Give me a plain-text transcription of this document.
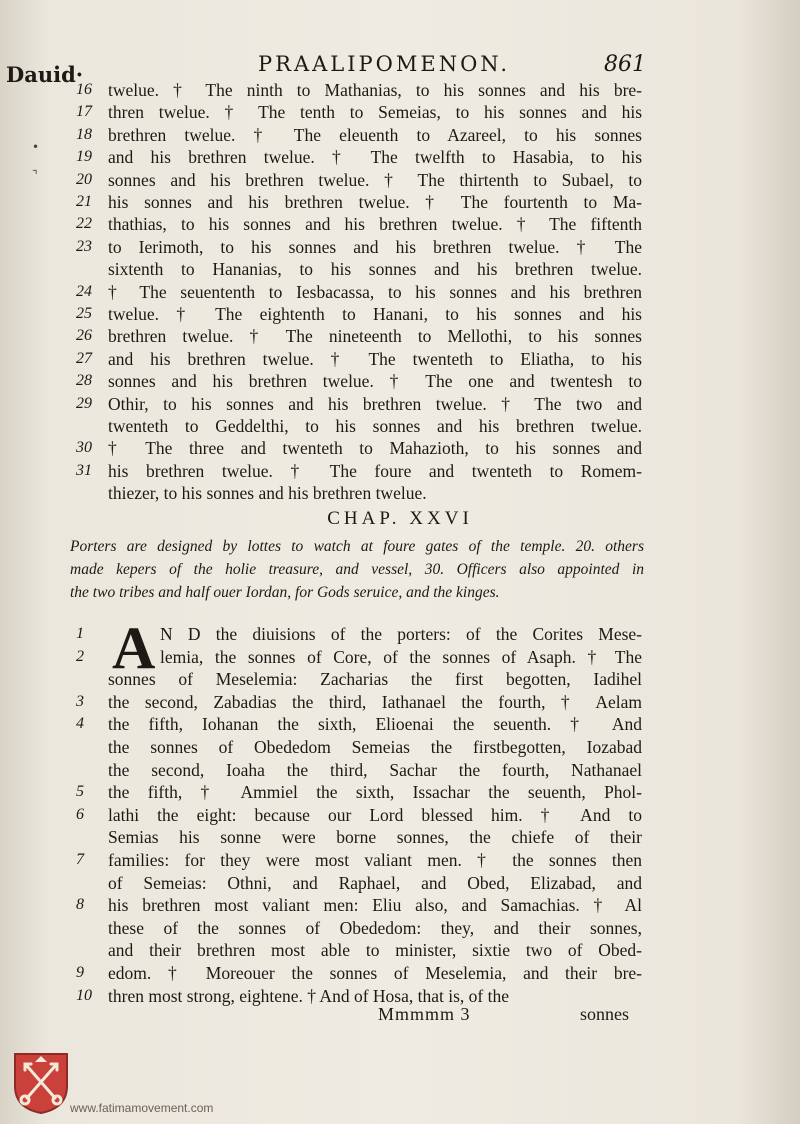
Dauid·	PRAALIPOMENON.	861
16 twelue. † The ninth to Mathanias, to his sonnes and his bre-
17 thren twelue. † The tenth to Semeias, to his sonnes and his
18 brethren twelue. † The eleuenth to Azareel, to his sonnes
19 and his brethren twelue. † The twelfth to Hasabia, to his
20 sonnes and his brethren twelue. † The thirtenth to Subael, to
21 his sonnes and his brethren twelue. † The fourtenth to Ma-
22 thathias, to his sonnes and his brethren twelue. † The fiftenth
23 to Ierimoth, to his sonnes and his brethren twelue. † The
sixtenth to Hananias, to his sonnes and his brethren twelue.
24 † The seuententh to Iesbacassa, to his sonnes and his brethren
25 twelue. † The eightenth to Hanani, to his sonnes and his
26 brethren twelue. † The nineteenth to Mellothi, to his sonnes
27 and his brethren twelue. † The twenteth to Eliatha, to his
28 sonnes and his brethren twelue. † The one and twentesh to
29 Othir, to his sonnes and his brethren twelue. † The two and
twenteth to Geddelthi, to his sonnes and his brethren twelue.
30 † The three and twenteth to Mahazioth, to his sonnes and
31 his brethren twelue. † The foure and twenteth to Romem-
thiezer, to his sonnes and his brethren twelue.
CHAP. XXVI
Porters are designed by lottes to watch at foure gates of the temple. 20. others
made kepers of the holie treasure, and vessel, 30. Officers also appointed in
the two tribes and half ouer Iordan, for Gods seruice, and the kinges.
A
1	N D the diuisions of the porters: of the Corites Mese-
2	lemia, the sonnes of Core, of the sonnes of Asaph. † The
sonnes of Meselemia: Zacharias the first begotten, Iadihel
3	the second, Zabadias the third, Iathanael the fourth, † Aelam
4	the fifth, Iohanan the sixth, Elioenai the seuenth. † And
the sonnes of Obededom Semeias the firstbegotten, Iozabad
the second, Ioaha the third, Sachar the fourth, Nathanael
5	the fifth, † Ammiel the sixth, Issachar the seuenth, Phol-
6	lathi the eight: because our Lord blessed him. † And to
Semias his sonne were borne sonnes, the chiefe of their
7	families: for they were most valiant men. † the sonnes then
of Semeias: Othni, and Raphael, and Obed, Elizabad, and
8	his brethren most valiant men: Eliu also, and Samachias. † Al
these of the sonnes of Obededom: they, and their sonnes,
and their brethren most able to minister, sixtie two of Obed-
9	edom. † Moreouer the sonnes of Meselemia, and their bre-
10 thren most strong, eightene. † And of Hosa, that is, of the
Mmmmm 3	sonnes
•
⌝
www.fatimamovement.com
